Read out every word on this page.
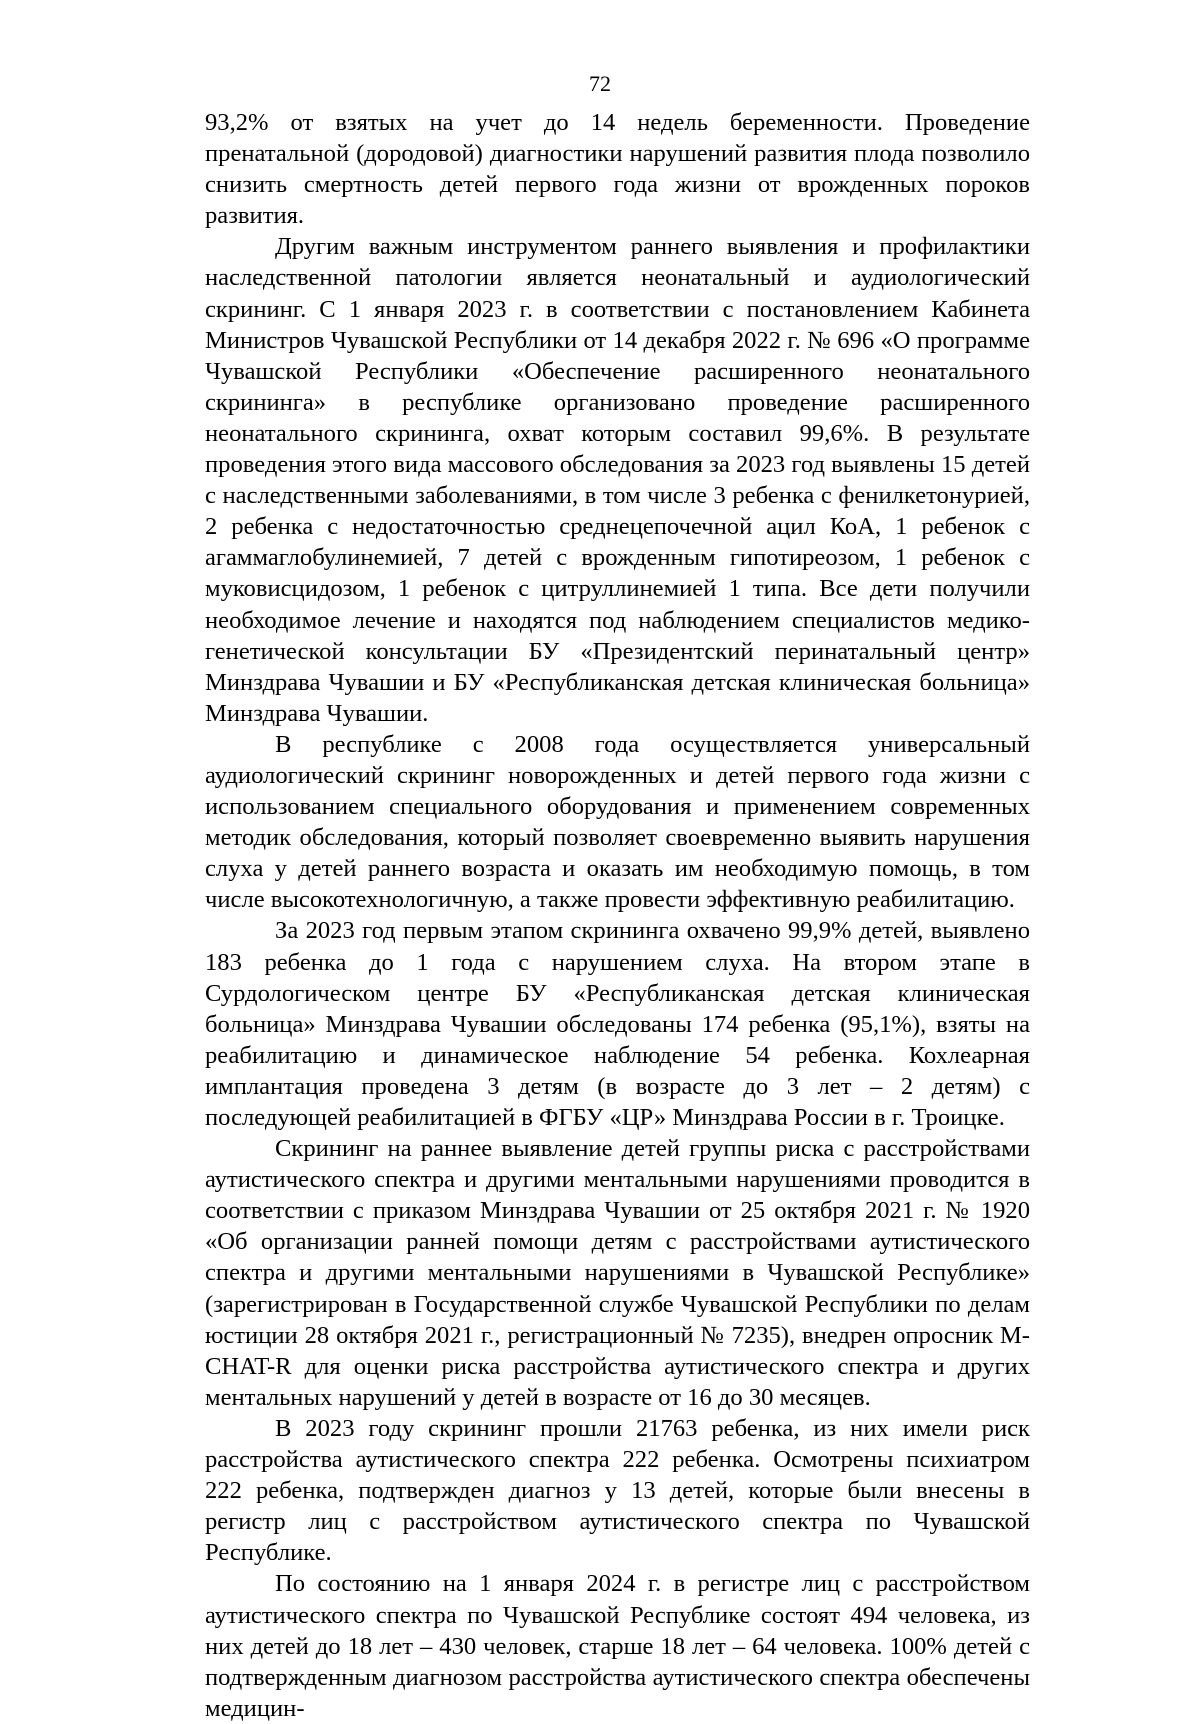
72

93,2% от взятых на учет до 14 недель беременности. Проведение пренатальной (дородовой) диагностики нарушений развития плода позволило снизить смертность детей первого года жизни от врожденных пороков развития.

Другим важным инструментом раннего выявления и профилактики наследственной патологии является неонатальный и аудиологический скрининг. С 1 января 2023 г. в соответствии с постановлением Кабинета Министров Чувашской Республики от 14 декабря 2022 г. № 696 «О программе Чувашской Республики «Обеспечение расширенного неонатального скрининга» в республике организовано проведение расширенного неонатального скрининга, охват которым составил 99,6%. В результате проведения этого вида массового обследования за 2023 год выявлены 15 детей с наследственными заболеваниями, в том числе 3 ребенка с фенилкетонурией, 2 ребенка с недостаточностью среднецепочечной ацил КоА, 1 ребенок с агаммаглобулинемией, 7 детей с врожденным гипотиреозом, 1 ребенок с муковисцидозом, 1 ребенок с цитруллинемией 1 типа. Все дети получили необходимое лечение и находятся под наблюдением специалистов медико-генетической консультации БУ «Президентский перинатальный центр» Минздрава Чувашии и БУ «Республиканская детская клиническая больница» Минздрава Чувашии.

В республике с 2008 года осуществляется универсальный аудиологический скрининг новорожденных и детей первого года жизни с использованием специального оборудования и применением современных методик обследования, который позволяет своевременно выявить нарушения слуха у детей раннего возраста и оказать им необходимую помощь, в том числе высокотехнологичную, а также провести эффективную реабилитацию.

За 2023 год первым этапом скрининга охвачено 99,9% детей, выявлено 183 ребенка до 1 года с нарушением слуха. На втором этапе в Сурдологическом центре БУ «Республиканская детская клиническая больница» Минздрава Чувашии обследованы 174 ребенка (95,1%), взяты на реабилитацию и динамическое наблюдение 54 ребенка. Кохлеарная имплантация проведена 3 детям (в возрасте до 3 лет – 2 детям) с последующей реабилитацией в ФГБУ «ЦР» Минздрава России в г. Троицке.

Скрининг на раннее выявление детей группы риска с расстройствами аутистического спектра и другими ментальными нарушениями проводится в соответствии с приказом Минздрава Чувашии от 25 октября 2021 г. № 1920 «Об организации ранней помощи детям с расстройствами аутистического спектра и другими ментальными нарушениями в Чувашской Республике» (зарегистрирован в Государственной службе Чувашской Республики по делам юстиции 28 октября 2021 г., регистрационный № 7235), внедрен опросник M-CHAT-R для оценки риска расстройства аутистического спектра и других ментальных нарушений у детей в возрасте от 16 до 30 месяцев.

В 2023 году скрининг прошли 21763 ребенка, из них имели риск расстройства аутистического спектра 222 ребенка. Осмотрены психиатром 222 ребенка, подтвержден диагноз у 13 детей, которые были внесены в регистр лиц с расстройством аутистического спектра по Чувашской Республике.

По состоянию на 1 января 2024 г. в регистре лиц с расстройством аутистического спектра по Чувашской Республике состоят 494 человека, из них детей до 18 лет – 430 человек, старше 18 лет – 64 человека. 100% детей с подтвержденным диагнозом расстройства аутистического спектра обеспечены медицин-
